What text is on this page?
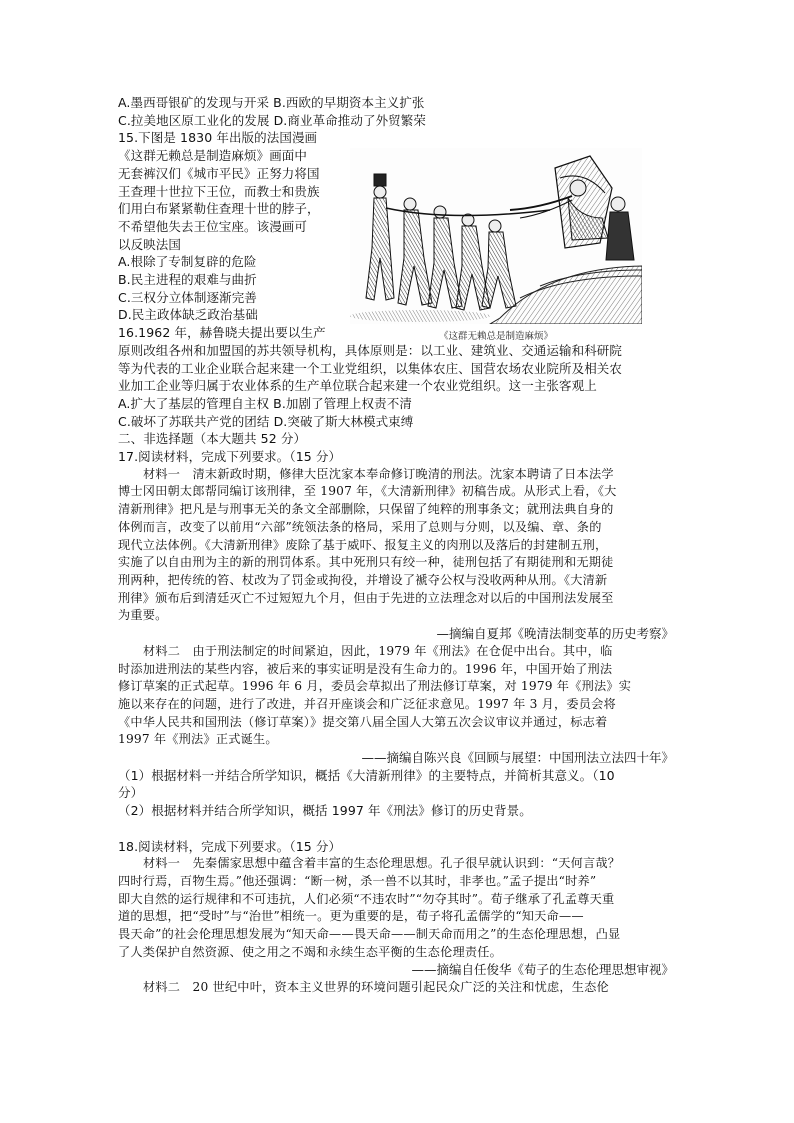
A.墨西哥银矿的发现与开采 B.西欧的早期资本主义扩张
C.拉美地区原工业化的发展 D.商业革命推动了外贸繁荣
15.下图是 1830 年出版的法国漫画
《这群无赖总是制造麻烦》画面中
无套裤汉们《城市平民》正努力将国
王查理十世拉下王位，而教士和贵族
们用白布紧紧勒住查理十世的脖子，
不希望他失去王位宝座。该漫画可
以反映法国
A.根除了专制复辟的危险
B.民主进程的艰难与曲折
C.三权分立体制逐渐完善
D.民主政体缺乏政治基础
16.1962 年，赫鲁晓夫提出要以生产
原则改组各州和加盟国的苏共领导机构，具体原则是：以工业、建筑业、交通运输和科研院
等为代表的工业企业联合起来建一个工业党组织，以集体农庄、国营农场农业院所及相关农
业加工企业等归属于农业体系的生产单位联合起来建一个农业党组织。这一主张客观上
A.扩大了基层的管理自主权 B.加剧了管理上权责不清
C.破坏了苏联共产党的团结 D.突破了斯大林模式束缚
二、非选择题（本大题共 52 分）
17.阅读材料，完成下列要求。（15 分）
材料一　清末新政时期，修律大臣沈家本奉命修订晚清的刑法。沈家本聘请了日本法学
博士冈田朝太郎帮同编订该刑律，至 1907 年，《大清新刑律》初稿告成。从形式上看，《大
清新刑律》把凡是与刑事无关的条文全部删除，只保留了纯粹的刑事条文；就刑法典自身的
体例而言，改变了以前用“六部”统领法条的格局，采用了总则与分则，以及编、章、条的
现代立法体例。《大清新刑律》废除了基于威吓、报复主义的肉刑以及落后的封建制五刑，
实施了以自由刑为主的新的刑罚体系。其中死刑只有绞一种，徒刑包括了有期徒刑和无期徒
刑两种，把传统的笞、杖改为了罚金或拘役，并增设了褫夺公权与没收两种从刑。《大清新
刑律》颁布后到清廷灭亡不过短短九个月，但由于先进的立法理念对以后的中国刑法发展至
为重要。
—摘编自夏邦《晚清法制变革的历史考察》
材料二　由于刑法制定的时间紧迫，因此，1979 年《刑法》在仓促中出台。其中，临
时添加进刑法的某些内容，被后来的事实证明是没有生命力的。1996 年，中国开始了刑法
修订草案的正式起草。1996 年 6 月，委员会草拟出了刑法修订草案，对 1979 年《刑法》实
施以来存在的问题，进行了改进，并召开座谈会和广泛征求意见。1997 年 3 月，委员会将
《中华人民共和国刑法（修订草案）》提交第八届全国人大第五次会议审议并通过，标志着
1997 年《刑法》正式诞生。
——摘编自陈兴良《回顾与展望：中国刑法立法四十年》
（1）根据材料一并结合所学知识，概括《大清新刑律》的主要特点，并简析其意义。（10
分）
（2）根据材料并结合所学知识，概括 1997 年《刑法》修订的历史背景。
18.阅读材料，完成下列要求。（15 分）
材料一　先秦儒家思想中蕴含着丰富的生态伦理思想。孔子很早就认识到：“天何言哉？
四时行焉，百物生焉。”他还强调：“断一树，杀一兽不以其时，非孝也。”孟子提出“时养”
即大自然的运行规律和不可违抗，人们必须“不违农时”“勿夺其时”。荀子继承了孔孟尊天重
道的思想，把“受时”与“治世”相统一。更为重要的是，荀子将孔孟儒学的“知天命——
畏天命”的社会伦理思想发展为“知天命——畏天命——制天命而用之”的生态伦理思想，凸显
了人类保护自然资源、使之用之不竭和永续生态平衡的生态伦理责任。
——摘编自任俊华《荀子的生态伦理思想审视》
材料二　20 世纪中叶，资本主义世界的环境问题引起民众广泛的关注和忧虑，生态伦
《这群无赖总是制造麻烦》
